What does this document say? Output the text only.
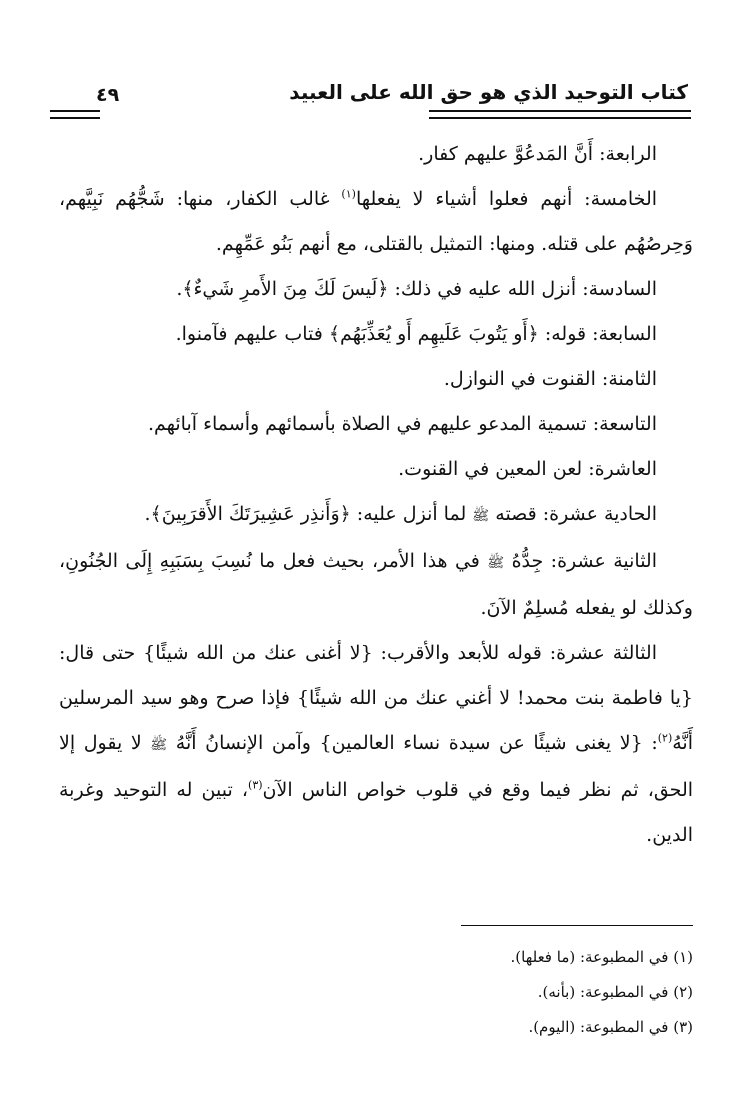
كتاب التوحيد الذي هو حق الله على العبيد
٤٩

الرابعة: أَنَّ المَدعُوَّ عليهم كفار.

الخامسة: أنهم فعلوا أشياء لا يفعلها$^{(١)}$ غالب الكفار، منها: شَجُّهُم نَبِيَّهم، وَحِرصُهُم على قتله. ومنها: التمثيل بالقتلى، مع أنهم بَنُو عَمِّهِم.

السادسة: أنزل الله عليه في ذلك: ﴿لَيسَ لَكَ مِنَ الأَمرِ شَيءٌ﴾.

السابعة: قوله: ﴿أَو يَتُوبَ عَلَيهِم أَو يُعَذِّبَهُم﴾ فتاب عليهم فآمنوا.

الثامنة: القنوت في النوازل.

التاسعة: تسمية المدعو عليهم في الصلاة بأسمائهم وأسماء آبائهم.

العاشرة: لعن المعين في القنوت.

الحادية عشرة: قصته ﷺ لما أنزل عليه: ﴿وَأَنذِر عَشِيرَتَكَ الأَقرَبِينَ﴾.

الثانية عشرة: جِدُّهُ ﷺ في هذا الأمر، بحيث فعل ما نُسِبَ بِسَبَبِهِ إِلَى الجُنُونِ، وكذلك لو يفعله مُسلِمٌ الآنَ.

الثالثة عشرة: قوله للأبعد والأقرب: {لا أغنى عنك من الله شيئًا} حتى قال: {يا فاطمة بنت محمد! لا أغني عنك من الله شيئًا} فإذا صرح وهو سيد المرسلين أَنَّهُ$^{(٢)}$: {لا يغنى شيئًا عن سيدة نساء العالمين} وآمن الإنسانُ أَنَّهُ ﷺ لا يقول إلا الحق، ثم نظر فيما وقع في قلوب خواص الناس الآن$^{(٣)}$، تبين له التوحيد وغربة الدين.

(١) في المطبوعة: (ما فعلها).

(٢) في المطبوعة: (بأنه).

(٣) في المطبوعة: (اليوم).
